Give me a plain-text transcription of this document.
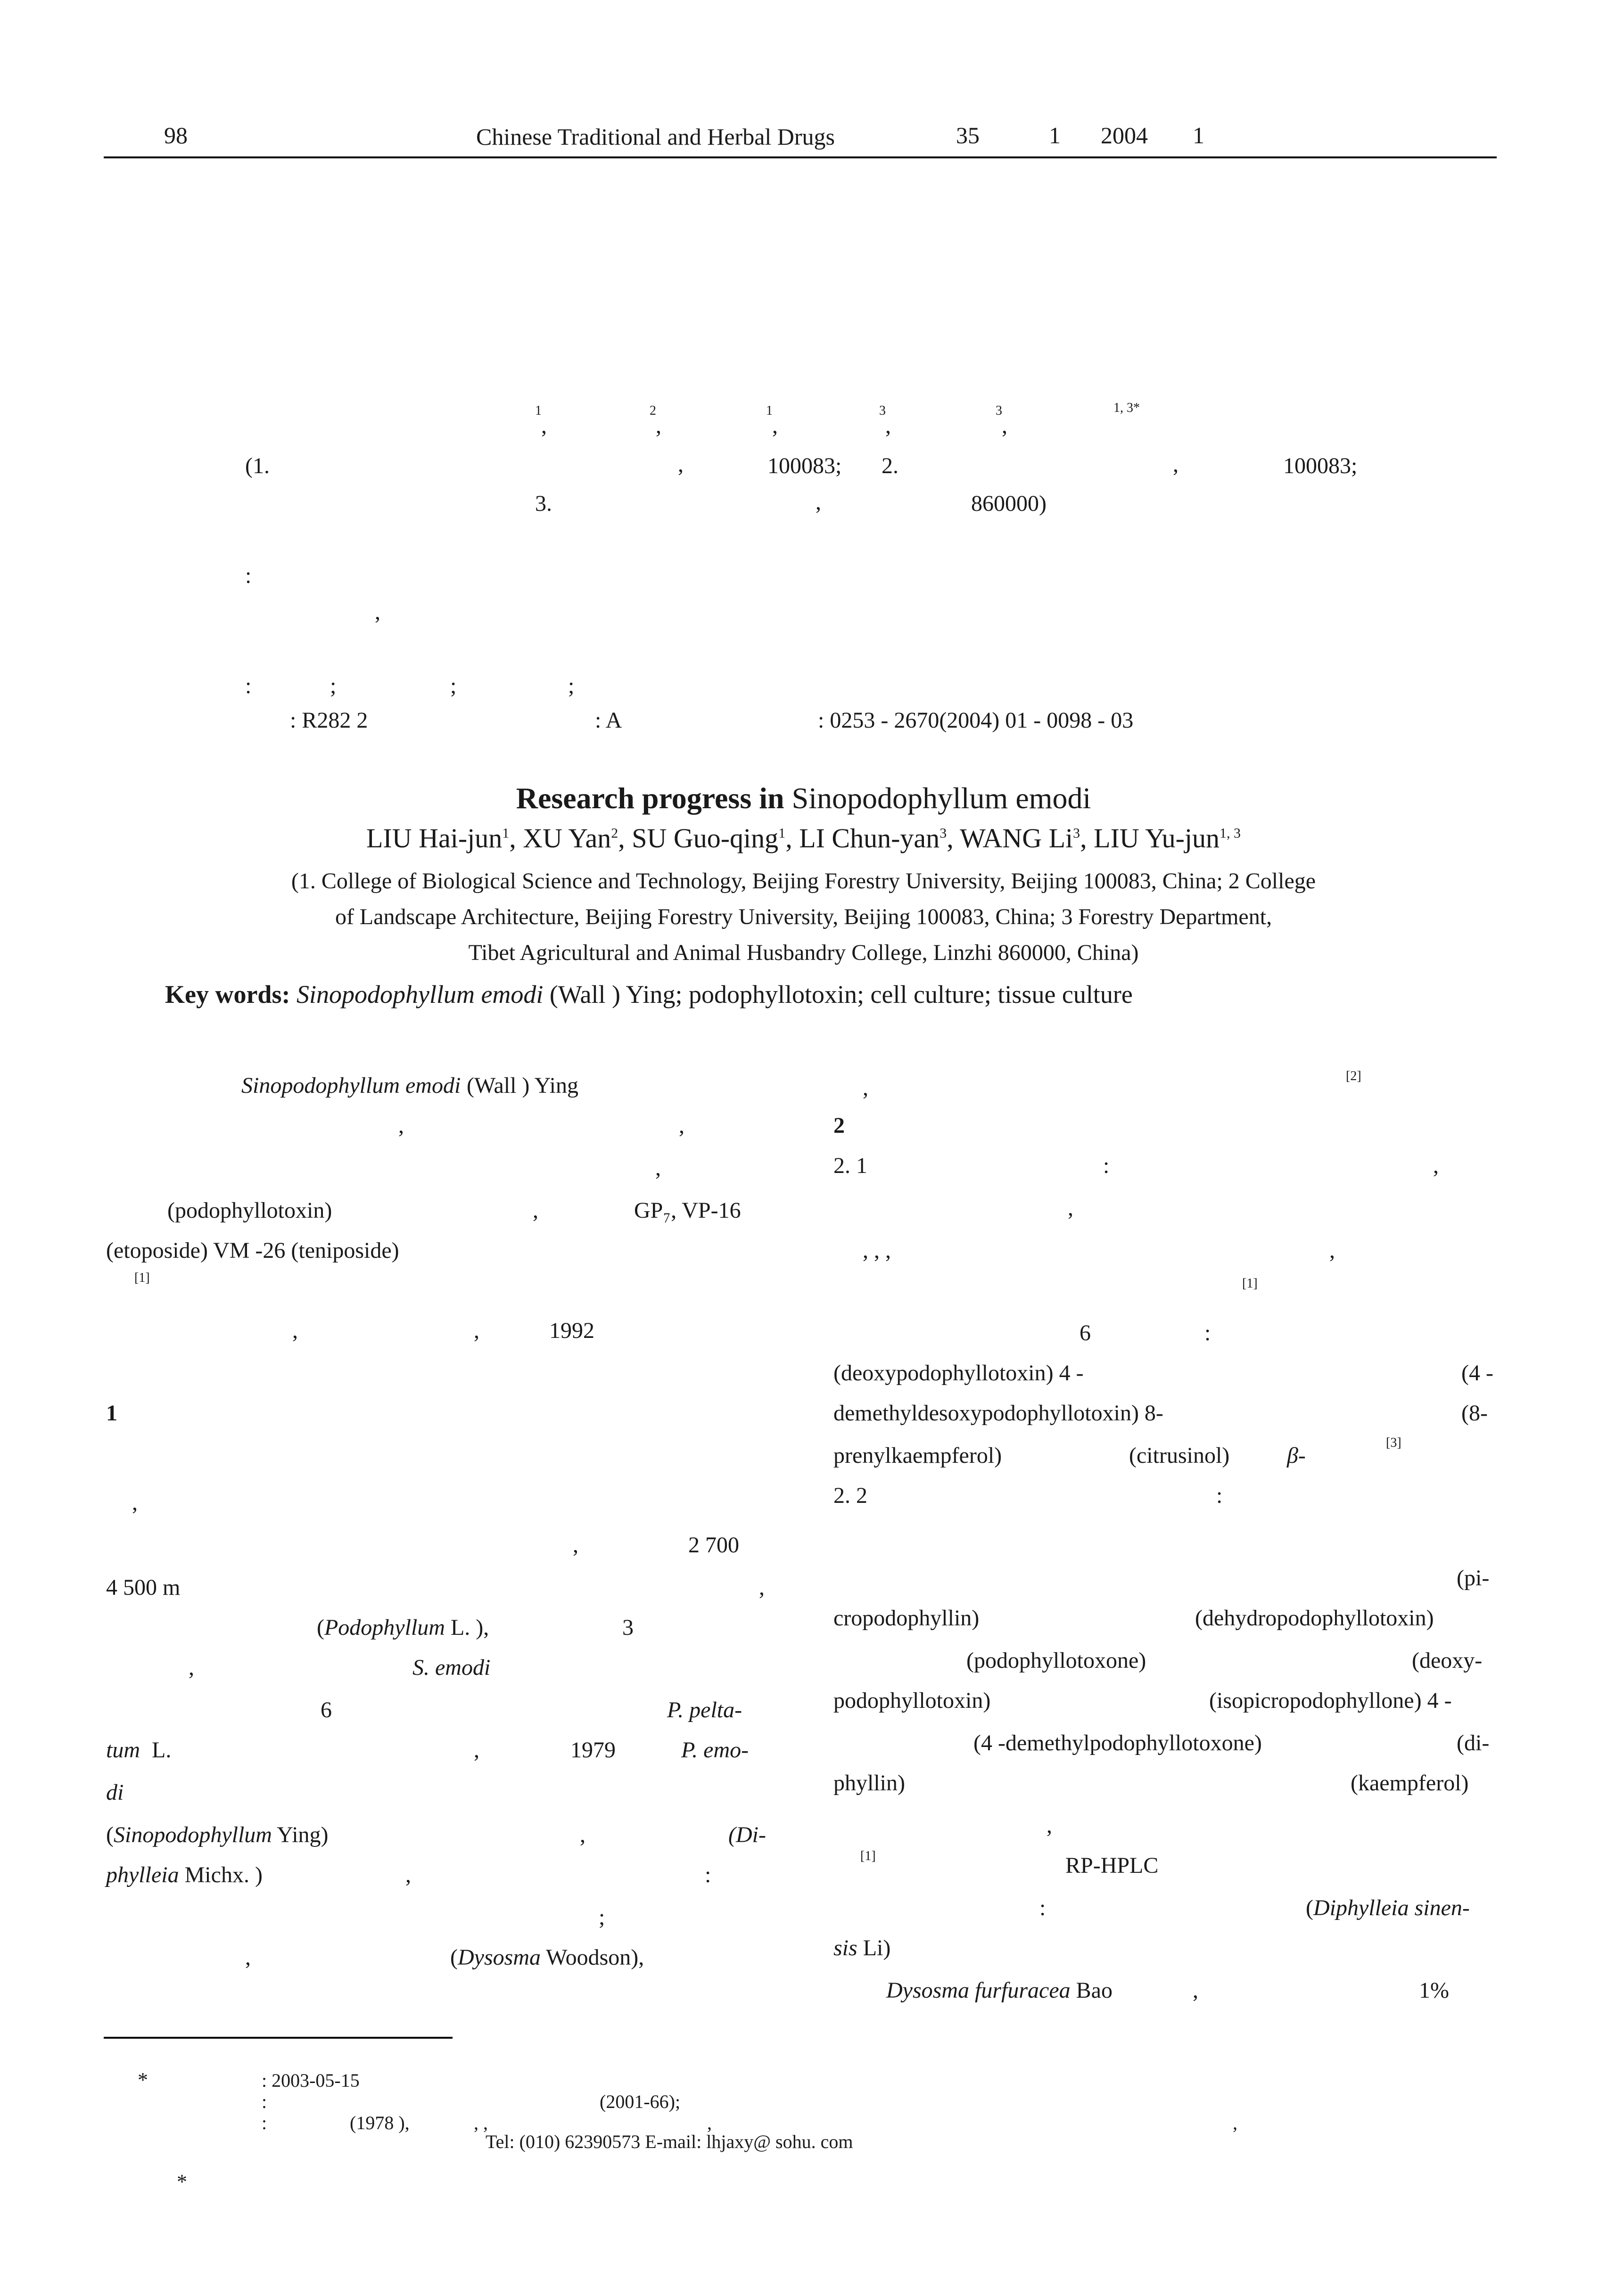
98	Chinese Traditional and Herbal Drugs	35	1 2004 1
1
,
2
,
1
,
3
,
3
,
1, 3*
(1.	,	100083; 2.	,	100083;
3.	,	860000)
:
,
:	;	;	;
: R282 2	: A	: 0253 - 2670(2004) 01 - 0098 - 03
Research progress in Sinopodophyllum emodi
LIU Hai-jun$^1$, XU Yan$^2$, SU Guo-qing$^1$, LI Chun-yan$^3$, WANG Li$^3$, LIU Yu-jun$^{1, 3}$
(1. College of Biological Science and Technology, Beijing Forestry University, Beijing 100083, China; 2 College
of Landscape Architecture, Beijing Forestry University, Beijing 100083, China; 3 Forestry Department,
Tibet Agricultural and Animal Husbandry College, Linzhi 860000, China)
Key words: Sinopodophyllum emodi (Wall ) Ying; podophyllotoxin; cell culture; tissue culture
Sinopodophyllum emodi (Wall ) Ying
,	,
,
(podophyllotoxin)	,	GP₇, VP-16
(etoposide) VM -26 (teniposide)
[1]
,	,	1992
1
,
,	2 700
4 500 m	,
(Podophyllum L. ),	3
,	S. emodi
6	P. pelta-
tum L.	,	1979	P. emo-
di
(Sinopodophyllum Ying)	,	(Di-
phylleia Michx. )	,	:
;
,	(Dysosma Woodson),
,	[2]
2
2. 1	:	,
,
, , ,	,
[1]
6	:
(deoxypodophyllotoxin) 4 -	(4 -
demethyldesoxypodophyllotoxin) 8-	(8-
prenylkaempferol)	(citrusinol)	β-
[3]
2. 2	:
(pi-
cropodophyllin)	(dehydropodophyllotoxin)
(podophyllotoxone)	(deoxy-
podophyllotoxin)	(isopicropodophyllone) 4 -
(4 -demethylpodophyllotoxone)	(di-
phyllin)	(kaempferol)
,
[1]	RP-HPLC
:	(Diphylleia sinen-
sis Li)
Dysosma furfuracea Bao	,	1%
*	: 2003-05-15
:	(2001-66);
:	(1978 ),	, ,	,	,
Tel: (010) 62390573 E-mail: lhjaxy@ sohu. com
*
